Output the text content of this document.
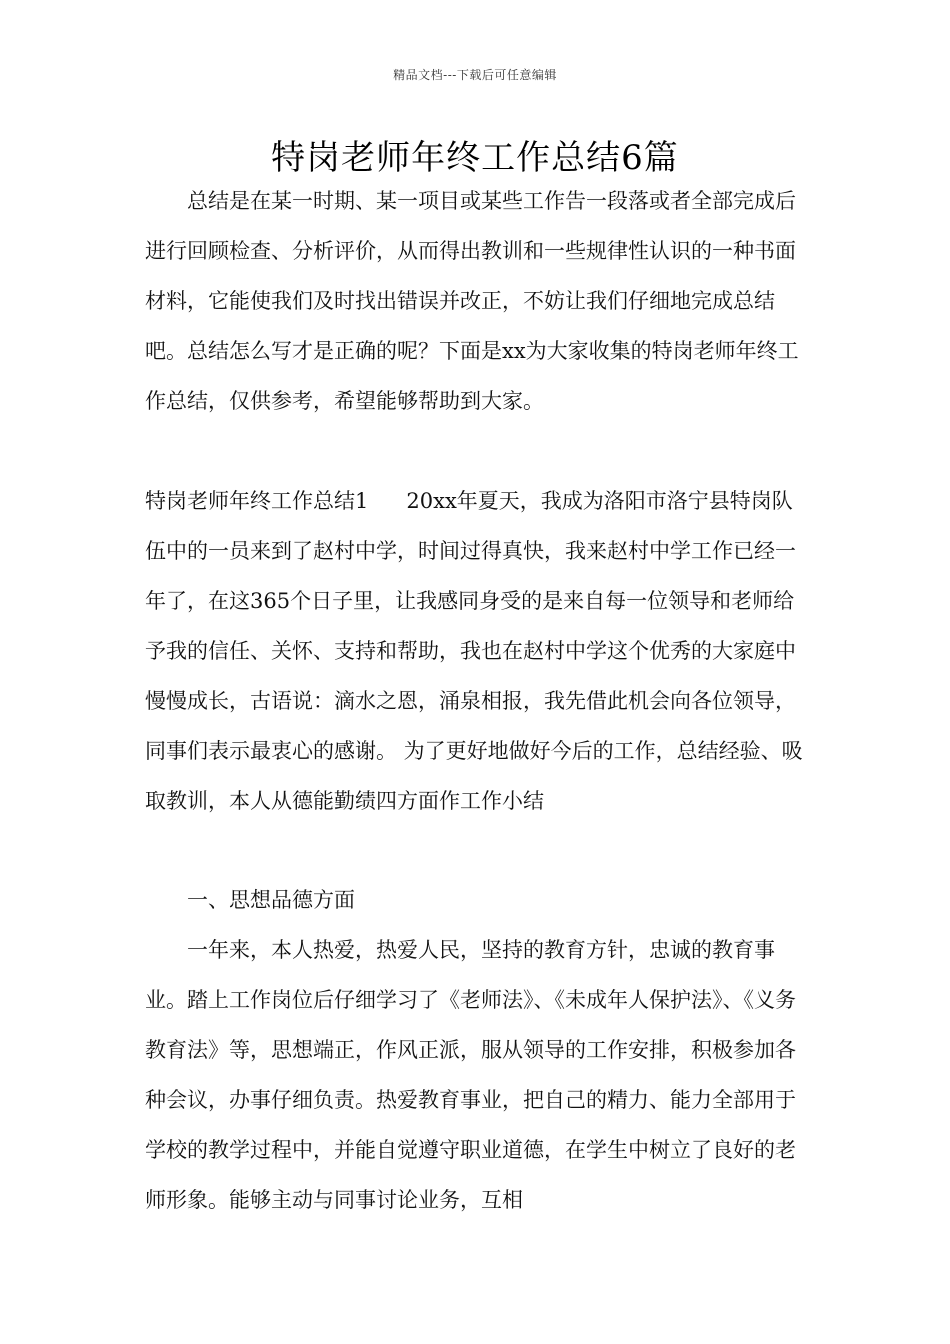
精品文档---下载后可任意编辑
特岗老师年终工作总结6篇

总结是在某一时期、某一项目或某些工作告一段落或者全部完成后进行回顾检查、分析评价，从而得出教训和一些规律性认识的一种书面材料，它能使我们及时找出错误并改正，不妨让我们仔细地完成总结吧。总结怎么写才是正确的呢？下面是xx为大家收集的特岗老师年终工作总结，仅供参考，希望能够帮助到大家。

特岗老师年终工作总结1 20xx年夏天，我成为洛阳市洛宁县特岗队伍中的一员来到了赵村中学，时间过得真快，我来赵村中学工作已经一年了，在这365个日子里，让我感同身受的是来自每一位领导和老师给予我的信任、关怀、支持和帮助，我也在赵村中学这个优秀的大家庭中慢慢成长，古语说：滴水之恩，涌泉相报，我先借此机会向各位领导，同事们表示最衷心的感谢。 为了更好地做好今后的工作，总结经验、吸取教训，本人从德能勤绩四方面作工作小结

一、思想品德方面

一年来，本人热爱，热爱人民，坚持的教育方针，忠诚的教育事业。踏上工作岗位后仔细学习了《老师法》、《未成年人保护法》、《义务教育法》等，思想端正，作风正派，服从领导的工作安排，积极参加各种会议，办事仔细负责。热爱教育事业，把自己的精力、能力全部用于学校的教学过程中，并能自觉遵守职业道德，在学生中树立了良好的老师形象。能够主动与同事讨论业务，互相
